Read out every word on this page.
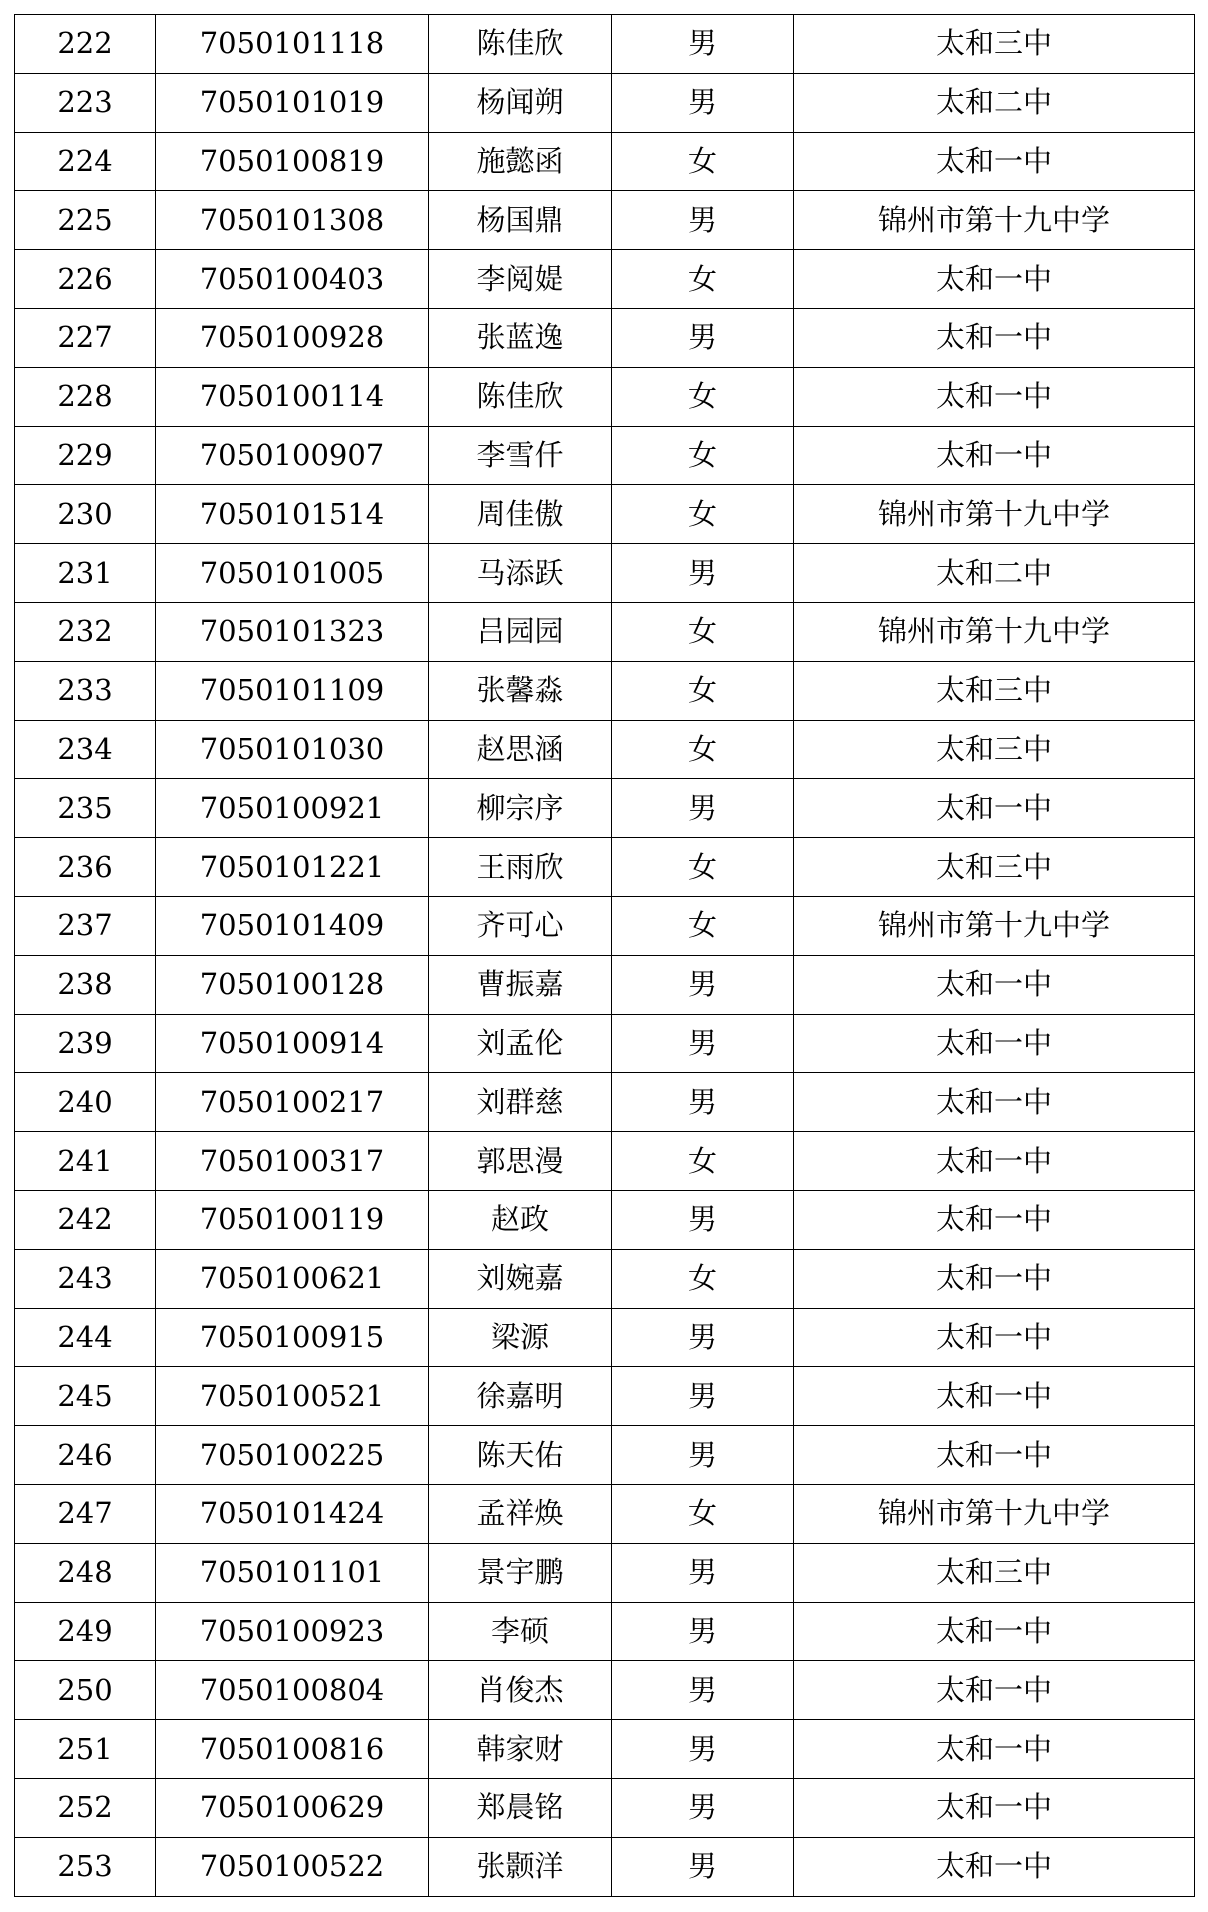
222	7050101118	陈佳欣	男	太和三中
223	7050101019	杨闻朔	男	太和二中
224	7050100819	施懿函	女	太和一中
225	7050101308	杨国鼎	男	锦州市第十九中学
226	7050100403	李阅媞	女	太和一中
227	7050100928	张蓝逸	男	太和一中
228	7050100114	陈佳欣	女	太和一中
229	7050100907	李雪仟	女	太和一中
230	7050101514	周佳傲	女	锦州市第十九中学
231	7050101005	马添跃	男	太和二中
232	7050101323	吕园园	女	锦州市第十九中学
233	7050101109	张馨淼	女	太和三中
234	7050101030	赵思涵	女	太和三中
235	7050100921	柳宗序	男	太和一中
236	7050101221	王雨欣	女	太和三中
237	7050101409	齐可心	女	锦州市第十九中学
238	7050100128	曹振嘉	男	太和一中
239	7050100914	刘孟伦	男	太和一中
240	7050100217	刘群慈	男	太和一中
241	7050100317	郭思漫	女	太和一中
242	7050100119	赵政	男	太和一中
243	7050100621	刘婉嘉	女	太和一中
244	7050100915	梁源	男	太和一中
245	7050100521	徐嘉明	男	太和一中
246	7050100225	陈天佑	男	太和一中
247	7050101424	孟祥焕	女	锦州市第十九中学
248	7050101101	景宇鹏	男	太和三中
249	7050100923	李硕	男	太和一中
250	7050100804	肖俊杰	男	太和一中
251	7050100816	韩家财	男	太和一中
252	7050100629	郑晨铭	男	太和一中
253	7050100522	张颢洋	男	太和一中
